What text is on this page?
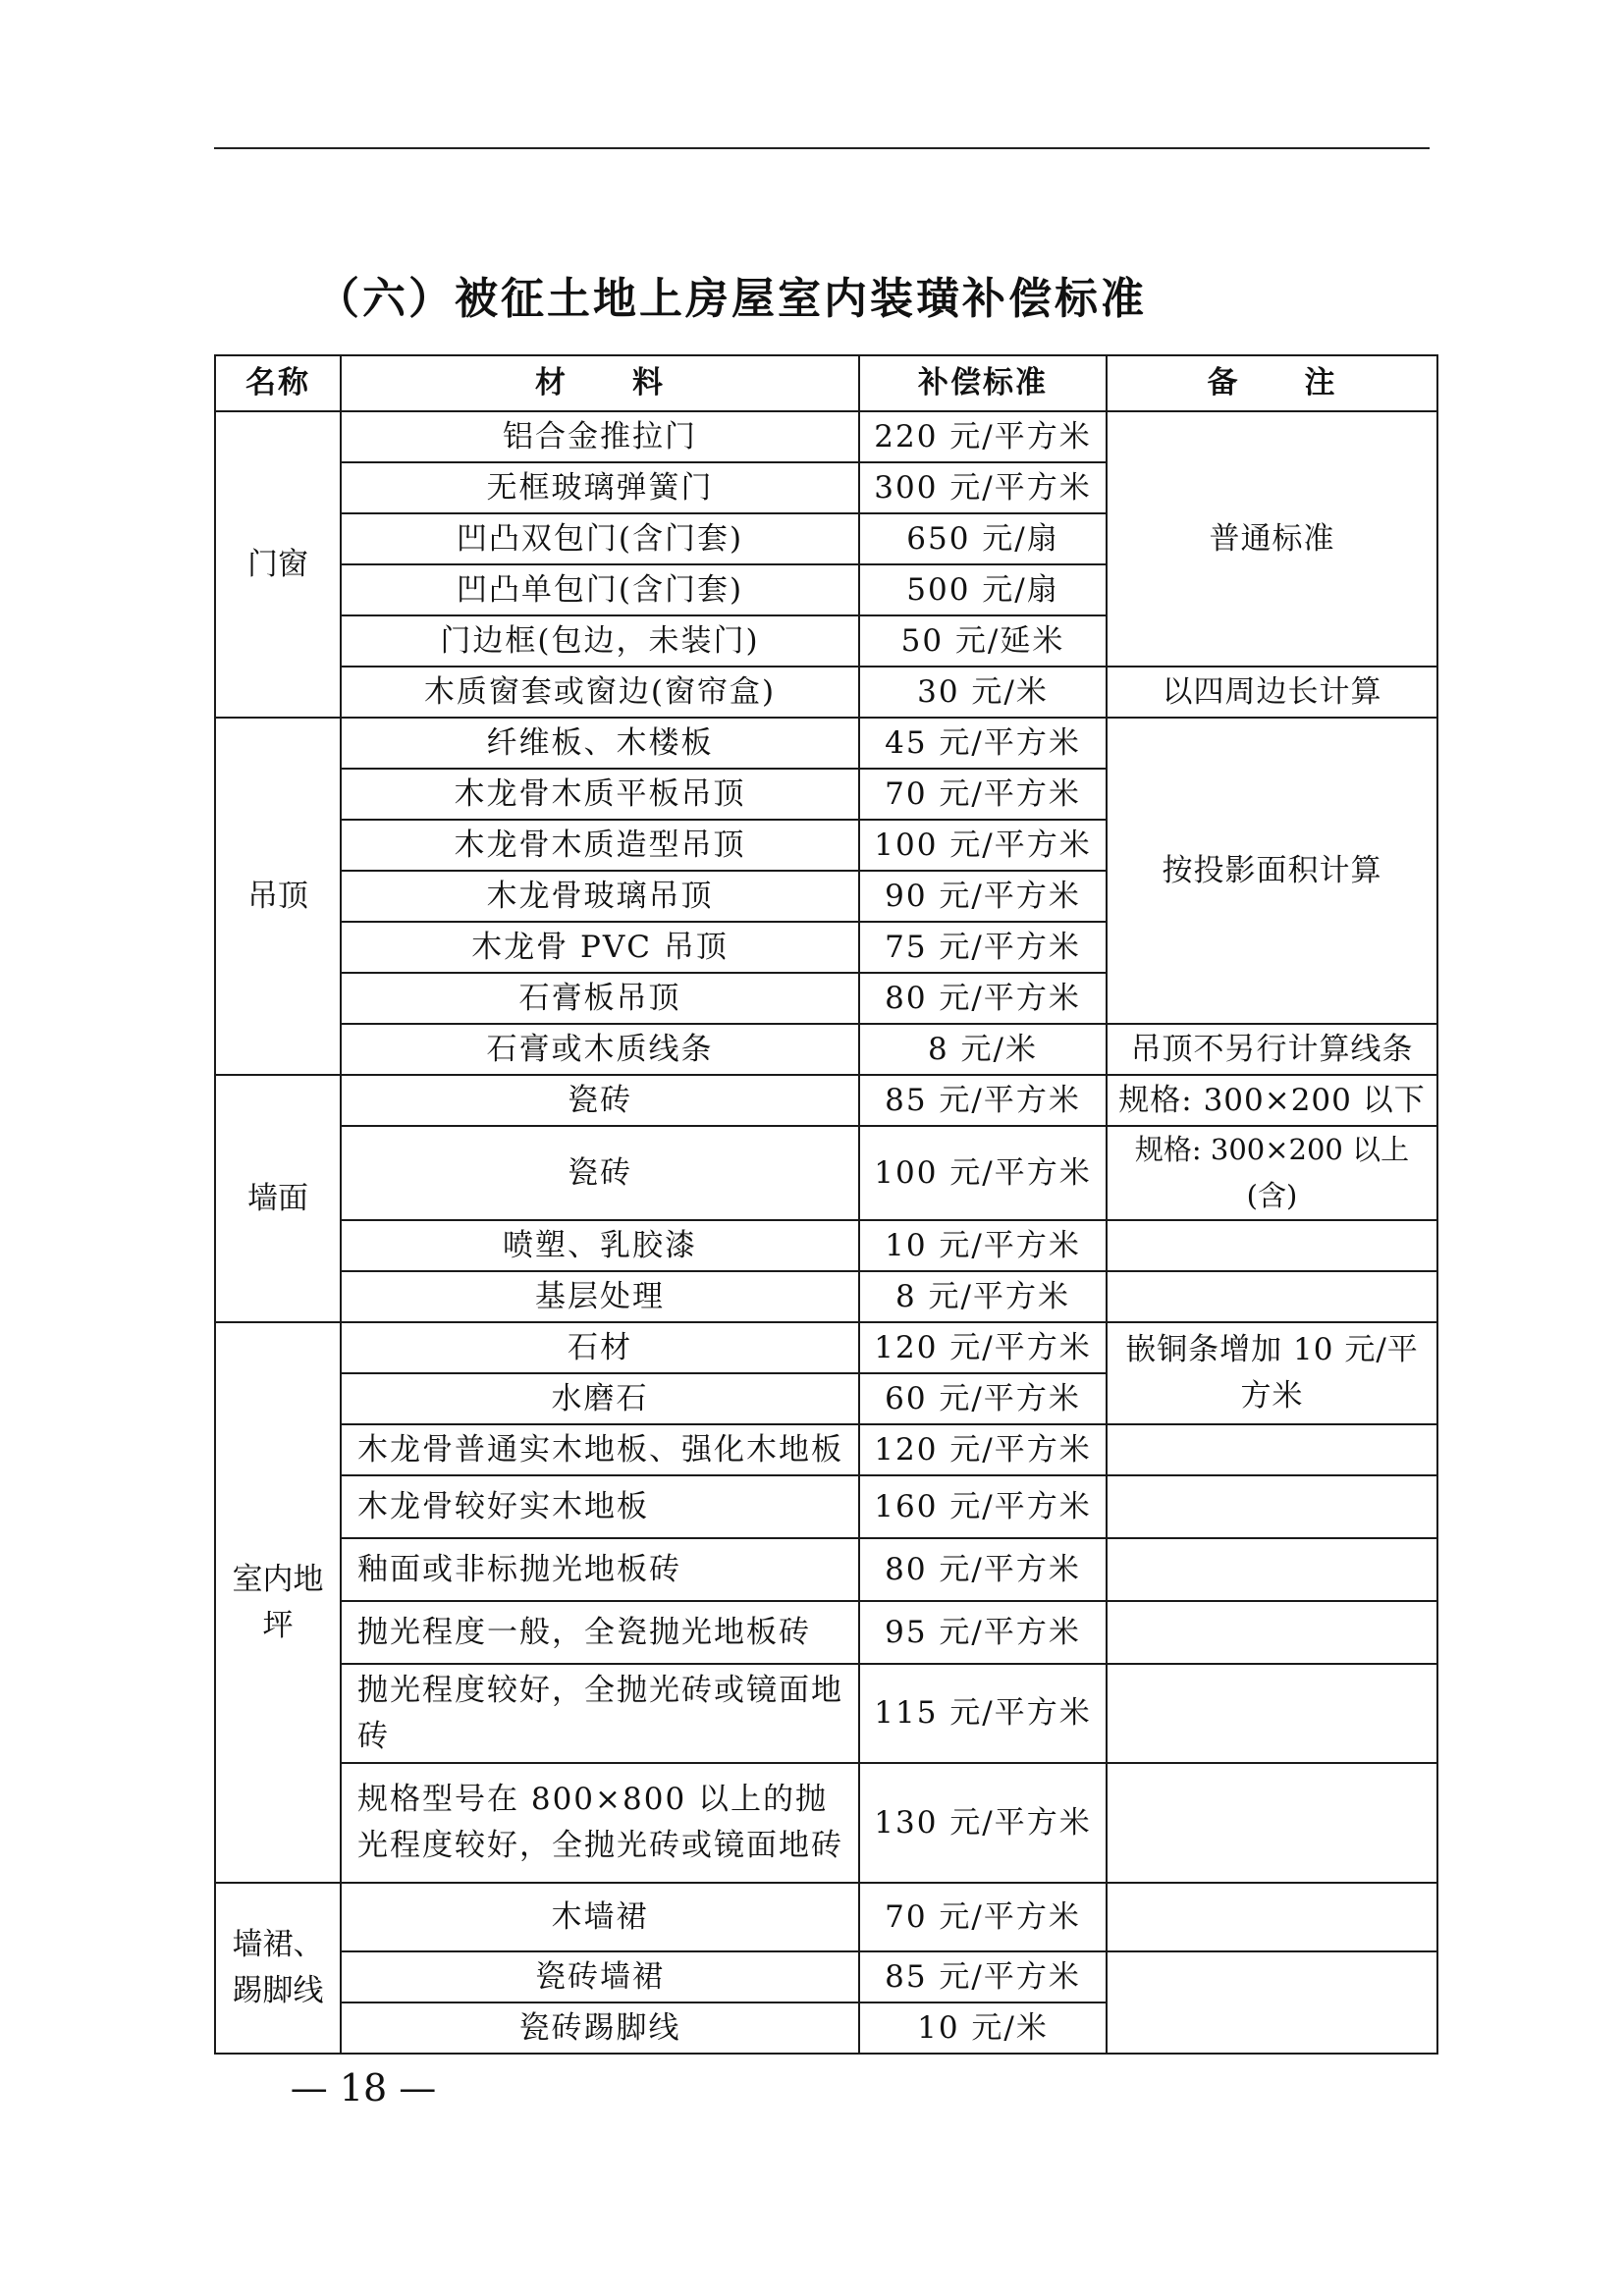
（六）被征土地上房屋室内装璜补偿标准
名称	材　　料	补偿标准	备　　注
门窗	铝合金推拉门	220 元/平方米	普通标准
	无框玻璃弹簧门	300 元/平方米	
	凹凸双包门(含门套)	650 元/扇	
	凹凸单包门(含门套)	500 元/扇	
	门边框(包边，未装门)	50 元/延米	
	木质窗套或窗边(窗帘盒)	30 元/米	以四周边长计算
吊顶	纤维板、木楼板	45 元/平方米	按投影面积计算
	木龙骨木质平板吊顶	70 元/平方米	
	木龙骨木质造型吊顶	100 元/平方米	
	木龙骨玻璃吊顶	90 元/平方米	
	木龙骨 PVC 吊顶	75 元/平方米	
	石膏板吊顶	80 元/平方米	
	石膏或木质线条	8 元/米	吊顶不另行计算线条
墙面	瓷砖	85 元/平方米	规格: 300×200 以下
	瓷砖	100 元/平方米	规格: 300×200 以上(含)
	喷塑、乳胶漆	10 元/平方米	
	基层处理	8 元/平方米	
室内地坪	石材	120 元/平方米	嵌铜条增加 10 元/平方米
	水磨石	60 元/平方米	
	木龙骨普通实木地板、强化木地板	120 元/平方米	
	木龙骨较好实木地板	160 元/平方米	
	釉面或非标抛光地板砖	80 元/平方米	
	抛光程度一般，全瓷抛光地板砖	95 元/平方米	
	抛光程度较好，全抛光砖或镜面地砖	115 元/平方米	
	规格型号在 800×800 以上的抛光程度较好，全抛光砖或镜面地砖	130 元/平方米	
墙裙、踢脚线	木墙裙	70 元/平方米	
	瓷砖墙裙	85 元/平方米	
	瓷砖踢脚线	10 元/米	
— 18 —
